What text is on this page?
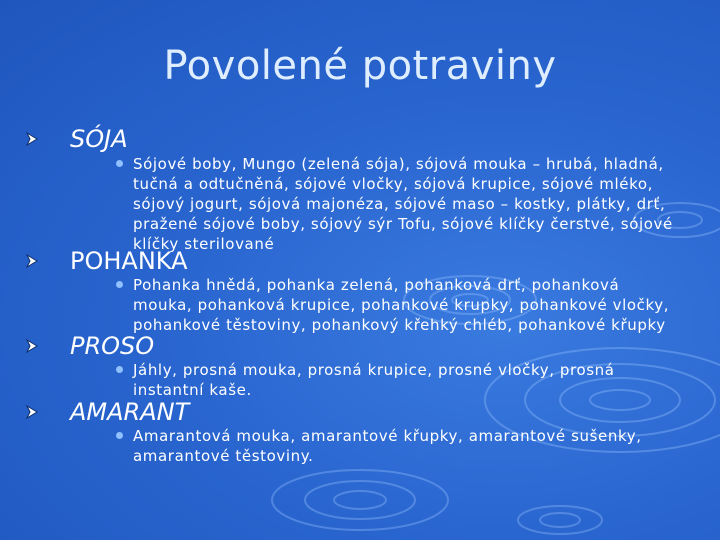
Povolené potraviny
SÓJA
Sójové boby, Mungo (zelená sója), sójová mouka – hrubá, hladná, tučná a odtučněná, sójové vločky, sójová krupice, sójové mléko, sójový jogurt, sójová majonéza, sójové maso – kostky, plátky, drť, pražené sójové boby, sójový sýr Tofu, sójové klíčky čerstvé, sójové klíčky sterilované
POHANKA
Pohanka hnědá, pohanka zelená, pohanková drť, pohanková mouka, pohanková krupice, pohankové krupky, pohankové vločky, pohankové těstoviny, pohankový křehký chléb, pohankové křupky
PROSO
Jáhly, prosná mouka, prosná krupice, prosné vločky, prosná instantní kaše.
AMARANT
Amarantová mouka, amarantové křupky, amarantové sušenky, amarantové těstoviny.
